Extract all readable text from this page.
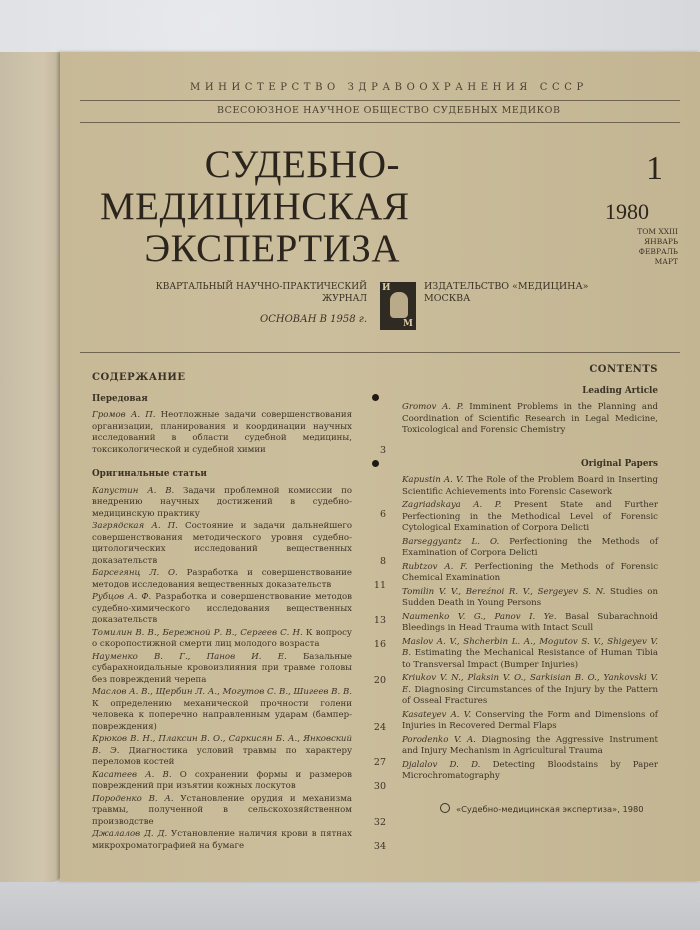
МИНИСТЕРСТВО ЗДРАВООХРАНЕНИЯ СССР
ВСЕСОЮЗНОЕ НАУЧНОЕ ОБЩЕСТВО СУДЕБНЫХ МЕДИКОВ
СУДЕБНО-
МЕДИЦИНСКАЯ
ЭКСПЕРТИЗА
1
1980
ТОМ XXIII
ЯНВАРЬ
ФЕВРАЛЬ
МАРТ
КВАРТАЛЬНЫЙ НАУЧНО-ПРАКТИЧЕСКИЙ
ЖУРНАЛ
ОСНОВАН В 1958 г.
И
М
ИЗДАТЕЛЬСТВО «МЕДИЦИНА»
МОСКВА
СОДЕРЖАНИЕ
Передовая
Громов А. П. Неотложные задачи совершенствования организации, планирования и координации научных исследований в области судебной медицины, токсикологической и судебной химии	3
Оригинальные статьи
Капустин А. В. Задачи проблемной комиссии по внедрению научных достижений в судебно-медицинскую практику	6
Загрядская А. П. Состояние и задачи дальнейшего совершенствования методического уровня судебно-цитологических исследований вещественных доказательств	8
Барсегянц Л. О. Разработка и совершенствование методов исследования вещественных доказательств	11
Рубцов А. Ф. Разработка и совершенствование методов судебно-химического исследования вещественных доказательств	13
Томилин В. В., Бережной Р. В., Сергеев С. Н. К вопросу о скоропостижной смерти лиц молодого возраста	16
Науменко В. Г., Панов И. Е. Базальные субарахноидальные кровоизлияния при травме головы без повреждений черепа	20
Маслов А. В., Щербин Л. А., Могутов С. В., Шигеев В. В. К определению механической прочности голени человека к поперечно направленным ударам (бампер-повреждения)	24
Крюков В. Н., Плаксин В. О., Саркисян Б. А., Янковский В. Э. Диагностика условий травмы по характеру переломов костей	27
Касатеев А. В. О сохранении формы и размеров повреждений при изъятии кожных лоскутов	30
Породенко В. А. Установление орудия и механизма травмы, полученной в сельскохозяйственном производстве	32
Джалалов Д. Д. Установление наличия крови в пятнах микрохроматографией на бумаге	34
CONTENTS
Leading Article
Gromov A. P. Imminent Problems in the Planning and Coordination of Scientific Research in Legal Medicine, Toxicological and Forensic Chemistry
Original Papers
Kapustin A. V. The Role of the Problem Board in Inserting Scientific Achievements into Forensic Casework
Zagriadskaya A. P. Present State and Further Perfectioning in the Methodical Level of Forensic Cytological Examination of Corpora Delicti
Barseggyantz L. O. Perfectioning the Methods of Examination of Corpora Delicti
Rubtzov A. F. Perfectioning the Methods of Forensic Chemical Examination
Tomilin V. V., Bereźnoi R. V., Sergeyev S. N. Studies on Sudden Death in Young Persons
Naumenko V. G., Panov I. Ye. Basal Subarachnoid Bleedings in Head Trauma with Intact Scull
Maslov A. V., Shcherbin L. A., Mogutov S. V., Shigeyev V. B. Estimating the Mechanical Resistance of Human Tibia to Transversal Impact (Bumper Injuries)
Kriukov V. N., Plaksin V. O., Sarkisian B. O., Yankovski V. E. Diagnosing Circumstances of the Injury by the Pattern of Osseal Fractures
Kasateyev A. V. Conserving the Form and Dimensions of Injuries in Recovered Dermal Flaps
Porodenko V. A. Diagnosing the Aggressive Instrument and Injury Mechanism in Agricultural Trauma
Djalalov D. D. Detecting Bloodstains by Paper Microchromatography
«Судебно-медицинская экспертиза», 1980
